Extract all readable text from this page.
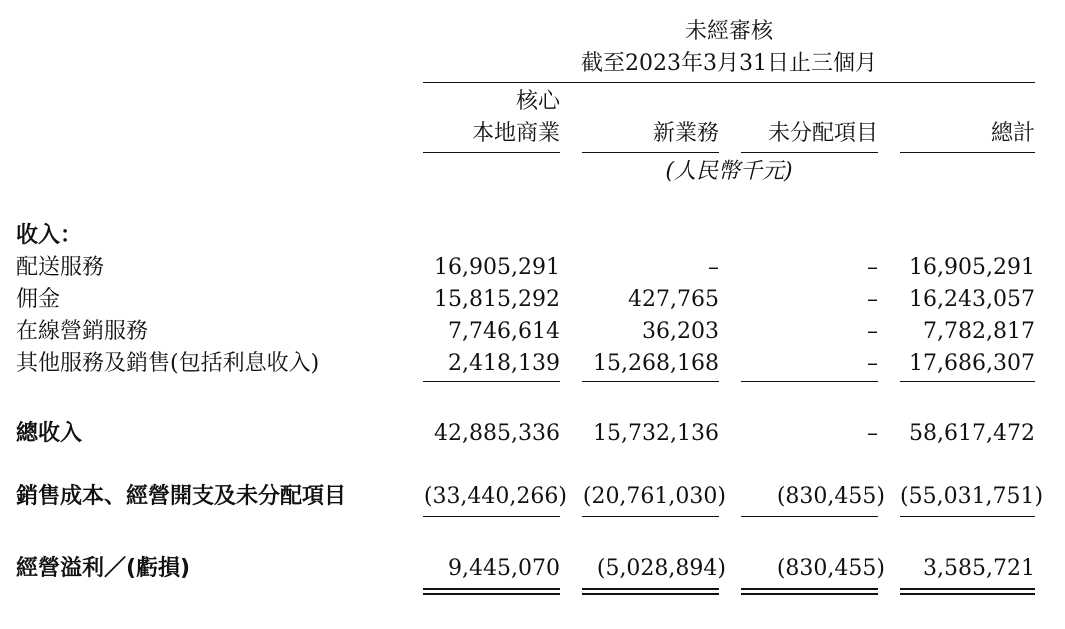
未經審核
截至2023年3月31日止三個月
核心
本地商業	新業務	未分配項目	總計
(人民幣千元)
收入：
配送服務	16,905,291	–	–	16,905,291
佣金	15,815,292	427,765	–	16,243,057
在線營銷服務	7,746,614	36,203	–	7,782,817
其他服務及銷售(包括利息收入)	2,418,139	15,268,168	–	17,686,307
總收入	42,885,336	15,732,136	–	58,617,472
銷售成本、經營開支及未分配項目	(33,440,266) (20,761,030)	(830,455) (55,031,751)
經營溢利／(虧損)	9,445,070	(5,028,894)	(830,455)	3,585,721
